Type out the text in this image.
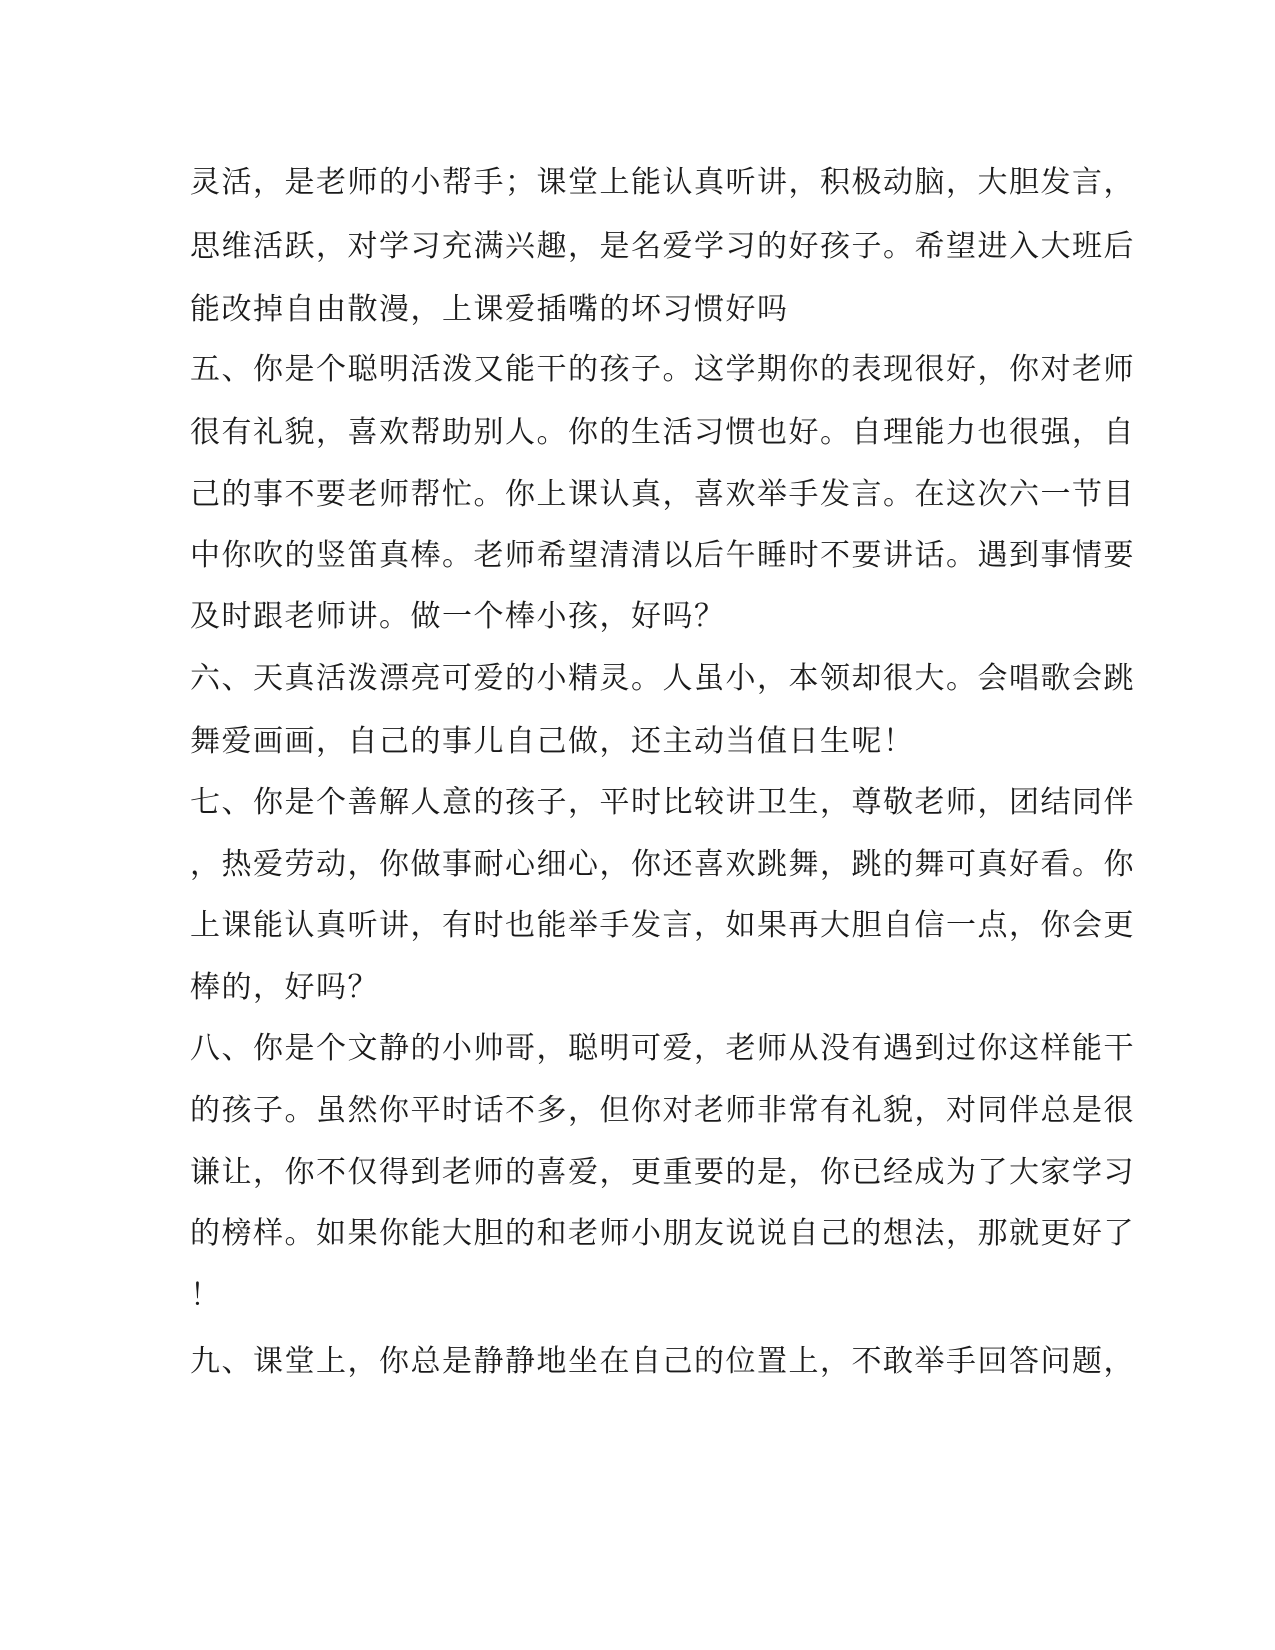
灵活，是老师的小帮手；课堂上能认真听讲，积极动脑，大胆发言，
思维活跃，对学习充满兴趣，是名爱学习的好孩子。希望进入大班后
能改掉自由散漫，上课爱插嘴的坏习惯好吗
五、你是个聪明活泼又能干的孩子。这学期你的表现很好，你对老师
很有礼貌，喜欢帮助别人。你的生活习惯也好。自理能力也很强，自
己的事不要老师帮忙。你上课认真，喜欢举手发言。在这次六一节目
中你吹的竖笛真棒。老师希望清清以后午睡时不要讲话。遇到事情要
及时跟老师讲。做一个棒小孩，好吗？
六、天真活泼漂亮可爱的小精灵。人虽小，本领却很大。会唱歌会跳
舞爱画画，自己的事儿自己做，还主动当值日生呢！
七、你是个善解人意的孩子，平时比较讲卫生，尊敬老师，团结同伴
，热爱劳动，你做事耐心细心，你还喜欢跳舞，跳的舞可真好看。你
上课能认真听讲，有时也能举手发言，如果再大胆自信一点，你会更
棒的，好吗？
八、你是个文静的小帅哥，聪明可爱，老师从没有遇到过你这样能干
的孩子。虽然你平时话不多，但你对老师非常有礼貌，对同伴总是很
谦让，你不仅得到老师的喜爱，更重要的是，你已经成为了大家学习
的榜样。如果你能大胆的和老师小朋友说说自己的想法，那就更好了
！
九、课堂上，你总是静静地坐在自己的位置上，不敢举手回答问题，
